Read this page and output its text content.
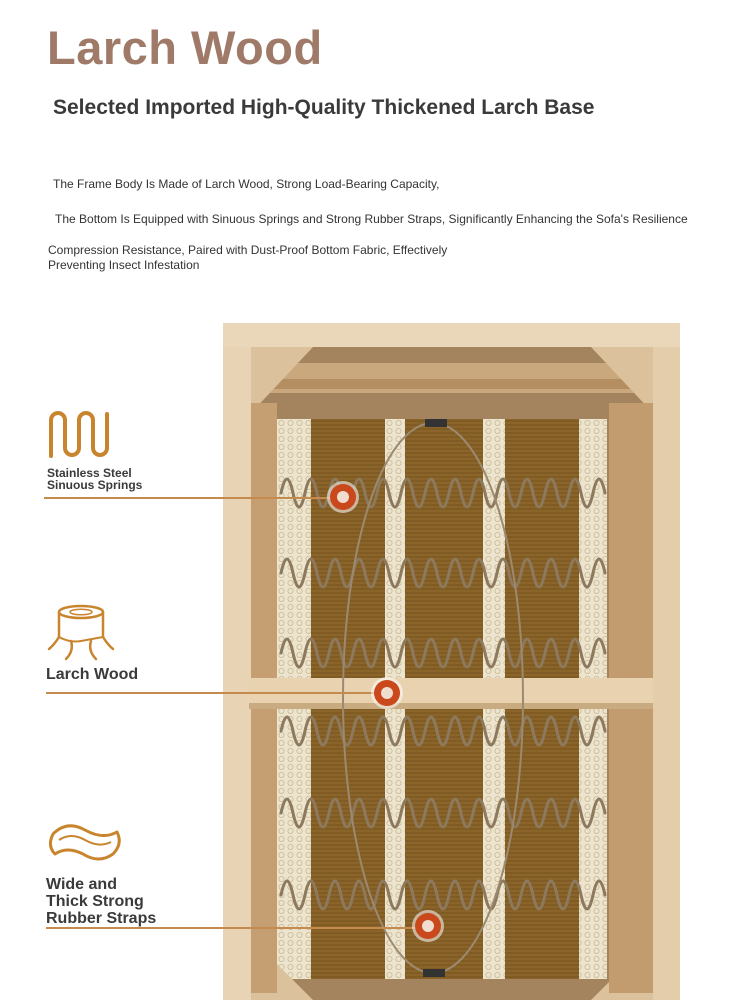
Larch Wood
Selected Imported High-Quality Thickened Larch Base
The Frame Body Is Made of Larch Wood, Strong Load-Bearing Capacity,
The Bottom Is Equipped with Sinuous Springs and Strong Rubber Straps, Significantly Enhancing the Sofa's Resilience
Compression Resistance, Paired with Dust-Proof Bottom Fabric, Effectively Preventing Insect Infestation
Stainless Steel
Sinuous Springs
Larch Wood
Wide and
Thick Strong
Rubber Straps
